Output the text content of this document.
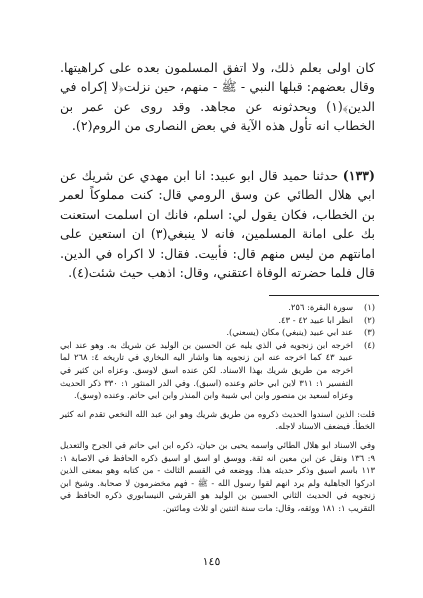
كان اولى بعلم ذلك، ولا اتفق المسلمون بعده على كراهيتها. وقال بعضهم: قبلها النبي - ﷺ - منهم، حين نزلت﴿لا إكراه في الدين﴾(١) ويحدثونه عن مجاهد. وقد روى عن عمر بن الخطاب انه تأول هذه الآية في بعض النصارى من الروم(٢).
(١٣٣) حدثنا حميد قال ابو عبيد: انا ابن مهدي عن شريك عن ابي هلال الطائي عن وسق الرومي قال: كنت مملوكاً لعمر بن الخطاب، فكان يقول لي: اسلم، فانك ان اسلمت استعنت بك على امانة المسلمين، فانه لا ينبغي(٣) ان استعين على امانتهم من ليس منهم قال: فأبيت. فقال: لا اكراه في الدين. قال فلما حضرته الوفاة اعتقني، وقال: اذهب حيث شئت(٤).
(١)
سورة البقرة: ٢٥٦.
(٢)
انظر ابا عبيد ٤٢ - ٤٣.
(٣)
عند ابي عبيد (ينبغي) مكان (يسعني).
(٤)
اخرجه ابن زنجويه في الذي يليه عن الحسين بن الوليد عن شريك به. وهو عند ابي عبيد ٤٣ كما اخرجه عنه ابن زنجويه هنا واشار اليه البخاري في تاريخه ٤: ٢٦٨ لما اخرجه من طريق شريك بهذا الاسناد. لكن عنده اسق لاوسق. وعزاه ابن كثير في التفسير ١: ٣١١ لابن ابي حاتم وعنده (اسبق). وفي الدر المنثور ١: ٣٣٠ ذكر الحديث وعزاه لسعيد بن منصور وابن ابي شيبة وابن المنذر وابن ابي حاتم. وعنده (وسق).
قلت: الذين اسندوا الحديث ذكروه من طريق شريك وهو ابن عبد الله النخعي تقدم انه كثير الخطأ. فيضعف الاسناد لاجله.
وفي الاسناد ابو هلال الطائي واسمه يحيى بن حيان، ذكره ابن ابي حاتم في الجرح والتعديل ٩: ١٣٦ ونقل عن ابن معين انه ثقة. ووسق او اسق او اسيق ذكره الحافظ في الاصابة ١: ١١٣ باسم اسيق وذكر حديثه هذا. ووضعه في القسم الثالث - من كتابه وهو بمعنى الذين ادركوا الجاهلية ولم يرد انهم لقوا رسول الله - ﷺ - فهم مخضرمون لا صحابة. وشيخ ابن زنجويه في الحديث الثاني الحسين بن الوليد هو القرشي النيسابوري ذكره الحافظ في التقريب ١: ١٨١ ووثقه، وقال: مات سنة اثنتين او ثلاث ومائتين.
١٤٥
